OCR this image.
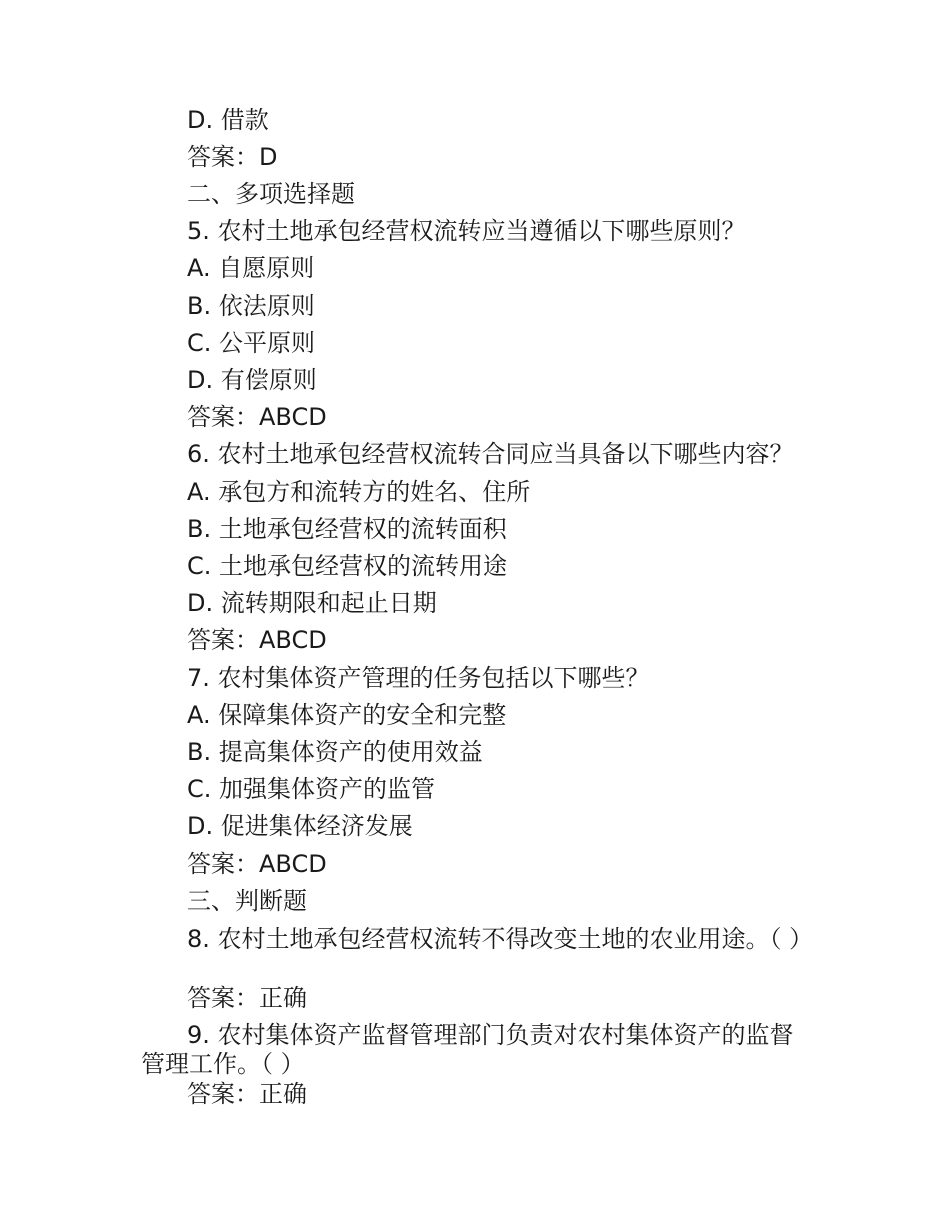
D. 借款
答案：D
二、多项选择题
5. 农村土地承包经营权流转应当遵循以下哪些原则？
A. 自愿原则
B. 依法原则
C. 公平原则
D. 有偿原则
答案：ABCD
6. 农村土地承包经营权流转合同应当具备以下哪些内容？
A. 承包方和流转方的姓名、住所
B. 土地承包经营权的流转面积
C. 土地承包经营权的流转用途
D. 流转期限和起止日期
答案：ABCD
7. 农村集体资产管理的任务包括以下哪些？
A. 保障集体资产的安全和完整
B. 提高集体资产的使用效益
C. 加强集体资产的监管
D. 促进集体经济发展
答案：ABCD
三、判断题
8. 农村土地承包经营权流转不得改变土地的农业用途。（ ）
答案：正确
9. 农村集体资产监督管理部门负责对农村集体资产的监督管理工作。（ ）
答案：正确
